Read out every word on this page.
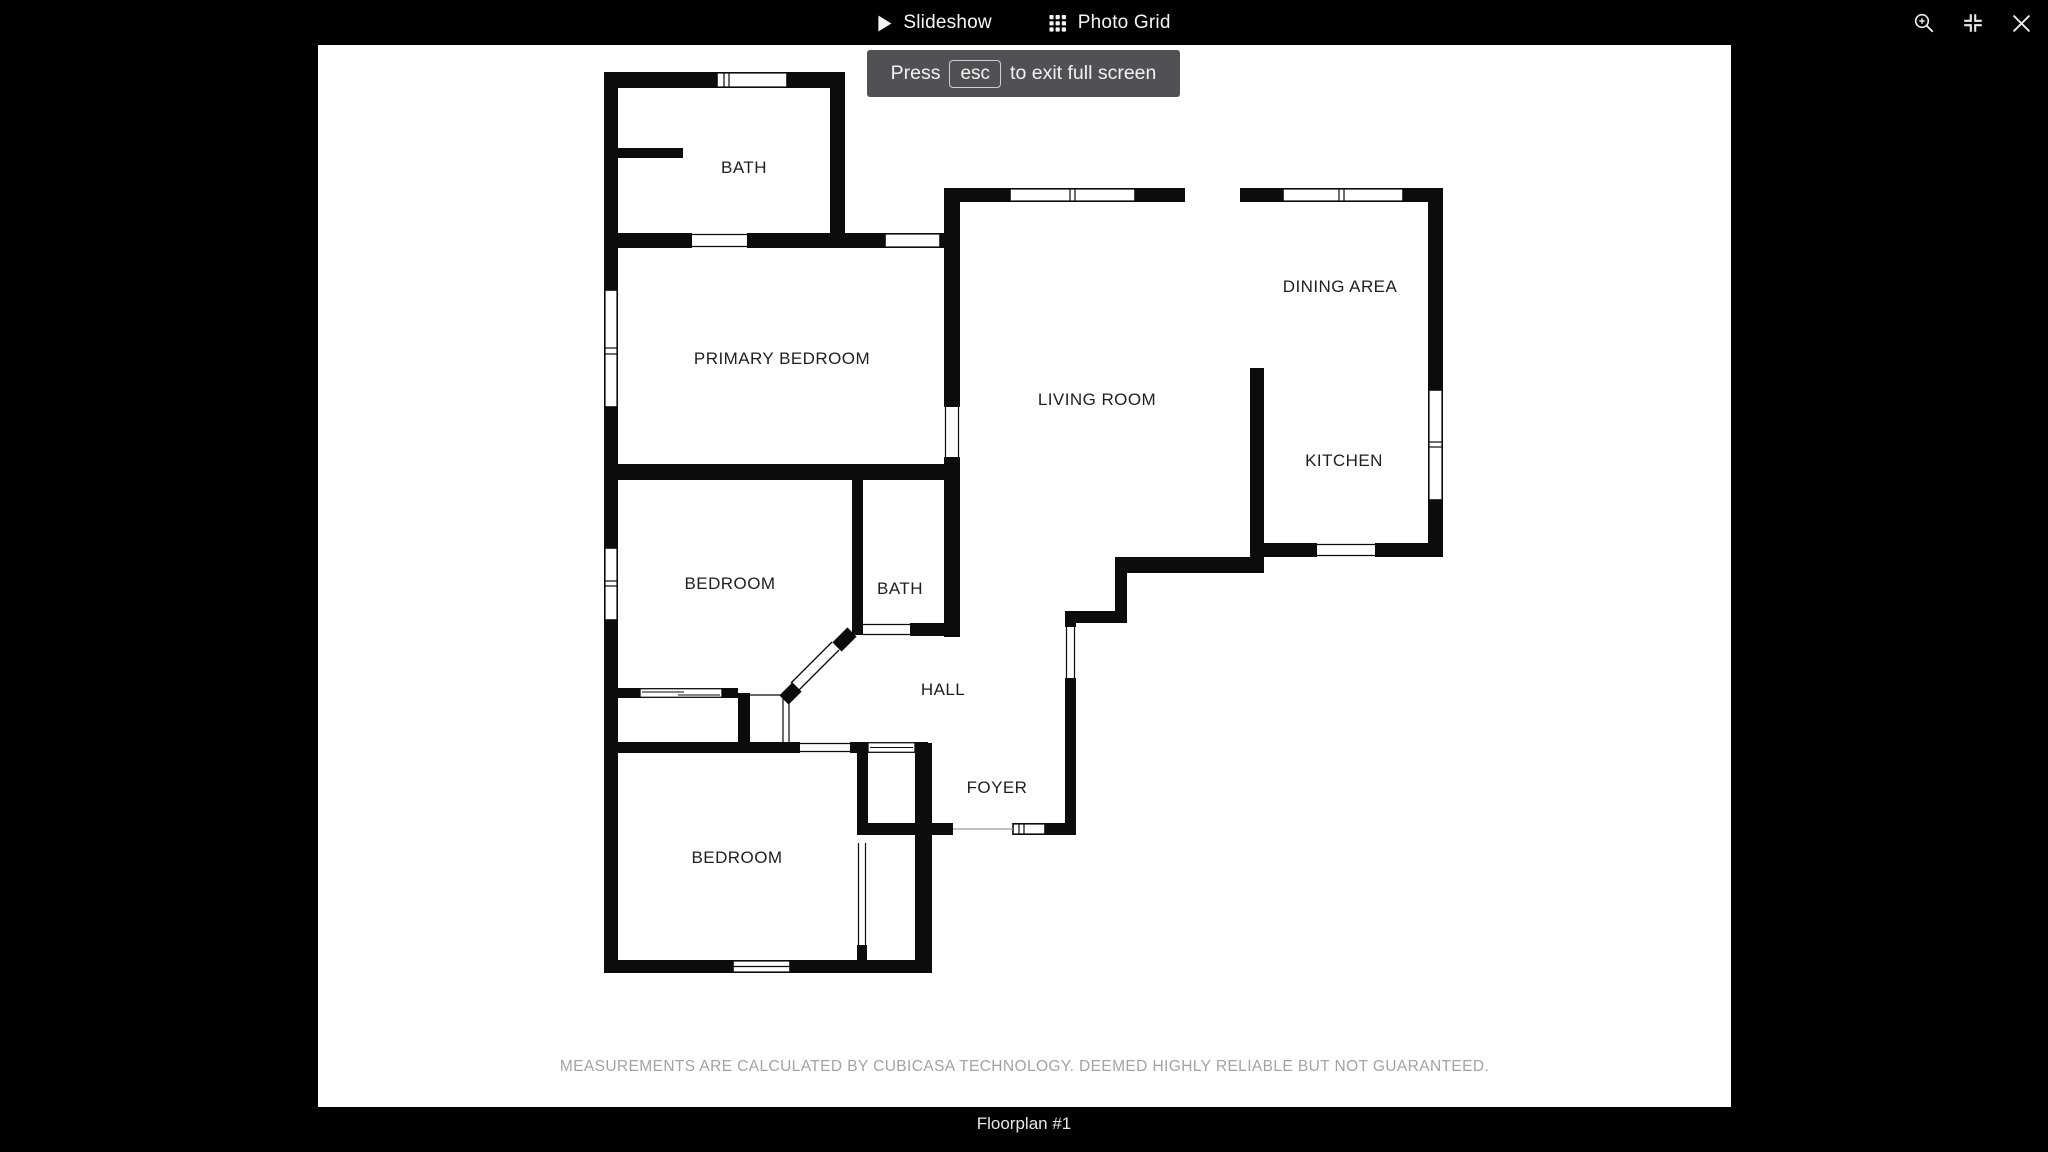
Slideshow	Photo Grid
Press	esc	to exit full screen
BATH
PRIMARY BEDROOM
DINING AREA
LIVING ROOM
KITCHEN
BEDROOM	BATH
HALL
FOYER
BEDROOM
MEASUREMENTS ARE CALCULATED BY CUBICASA TECHNOLOGY. DEEMED HIGHLY RELIABLE BUT NOT GUARANTEED.
Floorplan #1
